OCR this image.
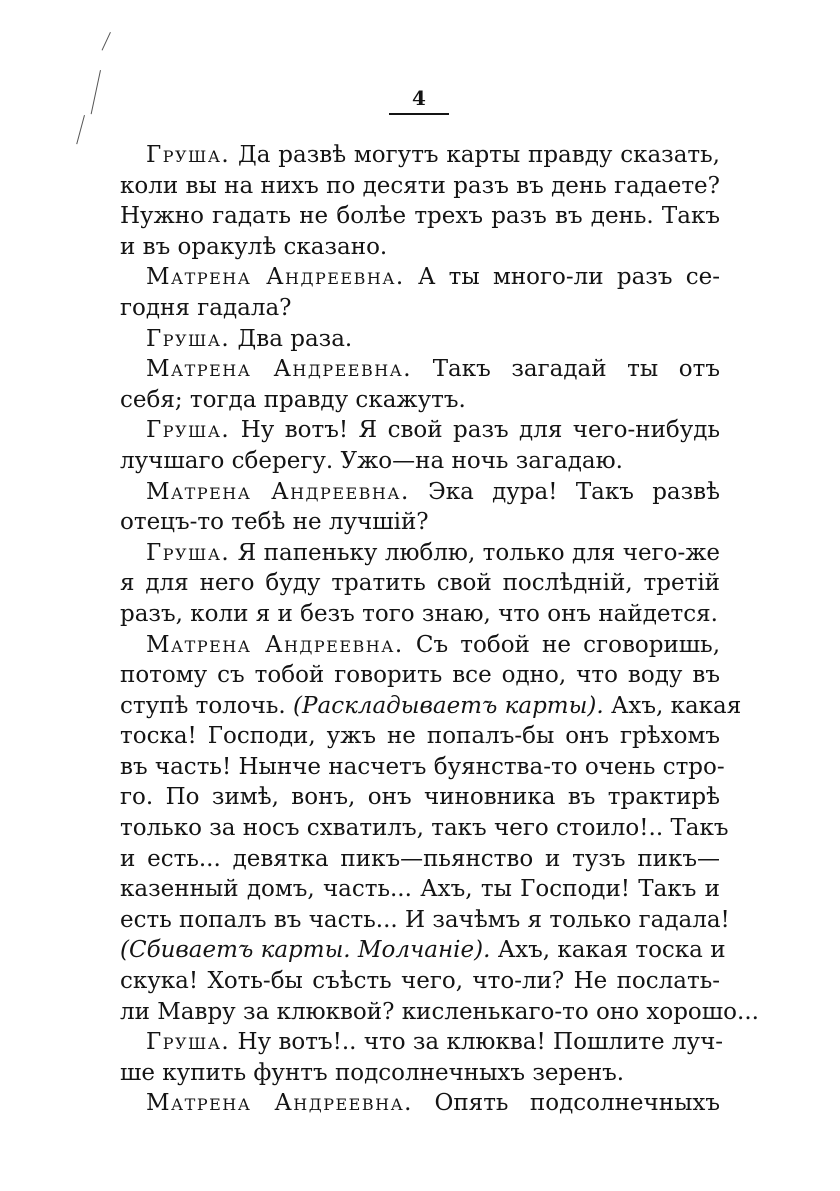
4
Груша. Да развѣ могутъ карты правду сказать,
коли вы на нихъ по десяти разъ въ день гадаете?
Нужно гадать не болѣе трехъ разъ въ день. Такъ
и въ оракулѣ сказано.
Матрена Андреевна. А ты много-ли разъ се-
годня гадала?
Груша. Два раза.
Матрена Андреевна. Такъ загадай ты отъ
себя; тогда правду скажутъ.
Груша. Ну вотъ! Я свой разъ для чего-нибудь
лучшаго сберегу. Ужо—на ночь загадаю.
Матрена Андреевна. Эка дура! Такъ развѣ
отецъ-то тебѣ не лучшій?
Груша. Я папеньку люблю, только для чего-же
я для него буду тратить свой послѣдній, третій
разъ, коли я и безъ того знаю, что онъ найдется.
Матрена Андреевна. Съ тобой не сговоришь,
потому съ тобой говорить все одно, что воду въ
ступѣ толочь. (Раскладываетъ карты). Ахъ, какая
тоска! Господи, ужъ не попалъ-бы онъ грѣхомъ
въ часть! Нынче насчетъ буянства-то очень стро-
го. По зимѣ, вонъ, онъ чиновника въ трактирѣ
только за носъ схватилъ, такъ чего стоило!.. Такъ
и есть... девятка пикъ—пьянство и тузъ пикъ—
казенный домъ, часть... Ахъ, ты Господи! Такъ и
есть попалъ въ часть... И зачѣмъ я только гадала!
(Сбиваетъ карты. Молчаніе). Ахъ, какая тоска и
скука! Хоть-бы съѣсть чего, что-ли? Не послать-
ли Мавру за клюквой? кисленькаго-то оно хорошо...
Груша. Ну вотъ!.. что за клюква! Пошлите луч-
ше купить фунтъ подсолнечныхъ зеренъ.
Матрена Андреевна. Опять подсолнечныхъ
